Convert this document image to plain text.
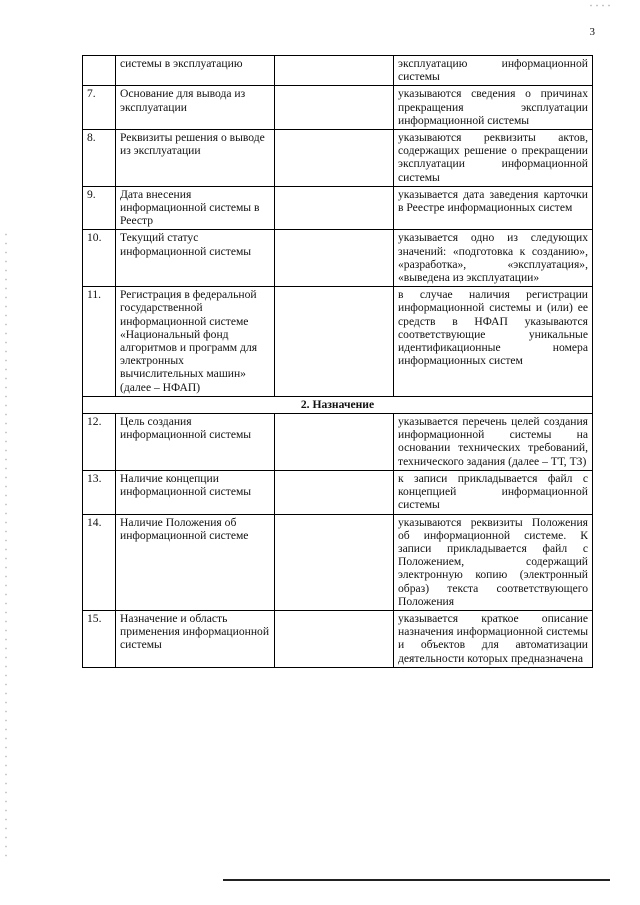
3
	системы в эксплуатацию		эксплуатацию информационной системы
7.	Основание для вывода из эксплуатации		указываются сведения о причинах прекращения эксплуатации информационной системы
8.	Реквизиты решения о выводе из эксплуатации		указываются реквизиты актов, содержащих решение о прекращении эксплуатации информационной системы
9.	Дата внесения информационной системы в Реестр		указывается дата заведения карточки в Реестре информационных систем
10.	Текущий статус информационной системы		указывается одно из следующих значений: «подготовка к созданию», «разработка», «эксплуатация», «выведена из эксплуатации»
11.	Регистрация в федеральной государственной информационной системе «Национальный фонд алгоритмов и программ для электронных вычислительных машин» (далее – НФАП)		в случае наличия регистрации информационной системы и (или) ее средств в НФАП указываются соответствующие уникальные идентификационные номера информационных систем
2. Назначение			
12.	Цель создания информационной системы		указывается перечень целей создания информационной системы на основании технических требований, технического задания (далее – ТТ, ТЗ)
13.	Наличие концепции информационной системы		к записи прикладывается файл с концепцией информационной системы
14.	Наличие Положения об информационной системе		указываются реквизиты Положения об информационной системе. К записи прикладывается файл с Положением, содержащий электронную копию (электронный образ) текста соответствующего Положения
15.	Назначение и область применения информационной системы		указывается краткое описание назначения информационной системы и объектов для автоматизации деятельности которых предназначена
